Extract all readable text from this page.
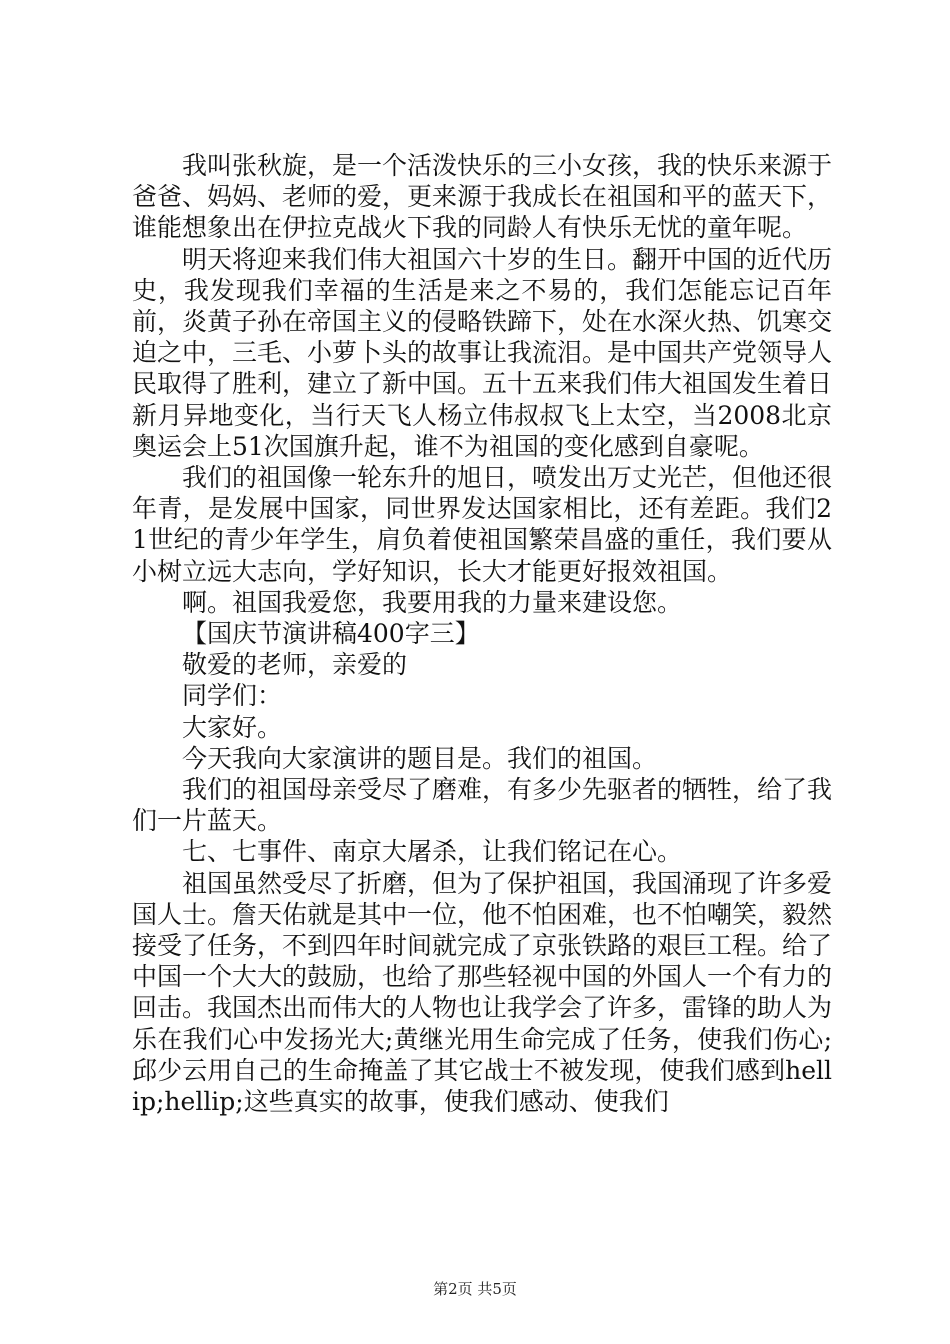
我叫张秋旋，是一个活泼快乐的三小女孩，我的快乐来源于爸爸、妈妈、老师的爱，更来源于我成长在祖国和平的蓝天下，谁能想象出在伊拉克战火下我的同龄人有快乐无忧的童年呢。

明天将迎来我们伟大祖国六十岁的生日。翻开中国的近代历史，我发现我们幸福的生活是来之不易的，我们怎能忘记百年前，炎黄子孙在帝国主义的侵略铁蹄下，处在水深火热、饥寒交迫之中，三毛、小萝卜头的故事让我流泪。是中国共产党领导人民取得了胜利，建立了新中国。五十五来我们伟大祖国发生着日新月异地变化，当行天飞人杨立伟叔叔飞上太空，当2008北京奥运会上51次国旗升起，谁不为祖国的变化感到自豪呢。

我们的祖国像一轮东升的旭日，喷发出万丈光芒，但他还很年青，是发展中国家，同世界发达国家相比，还有差距。我们21世纪的青少年学生，肩负着使祖国繁荣昌盛的重任，我们要从小树立远大志向，学好知识，长大才能更好报效祖国。

啊。祖国我爱您，我要用我的力量来建设您。

【国庆节演讲稿400字三】

敬爱的老师，亲爱的

同学们：

大家好。

今天我向大家演讲的题目是。我们的祖国。

我们的祖国母亲受尽了磨难，有多少先驱者的牺牲，给了我们一片蓝天。

七、七事件、南京大屠杀，让我们铭记在心。

祖国虽然受尽了折磨，但为了保护祖国，我国涌现了许多爱国人士。詹天佑就是其中一位，他不怕困难，也不怕嘲笑，毅然接受了任务，不到四年时间就完成了京张铁路的艰巨工程。给了中国一个大大的鼓励，也给了那些轻视中国的外国人一个有力的回击。我国杰出而伟大的人物也让我学会了许多，雷锋的助人为乐在我们心中发扬光大;黄继光用生命完成了任务，使我们伤心;邱少云用自己的生命掩盖了其它战士不被发现，使我们感到hellip;hellip;这些真实的故事，使我们感动、使我们

第2页 共5页
